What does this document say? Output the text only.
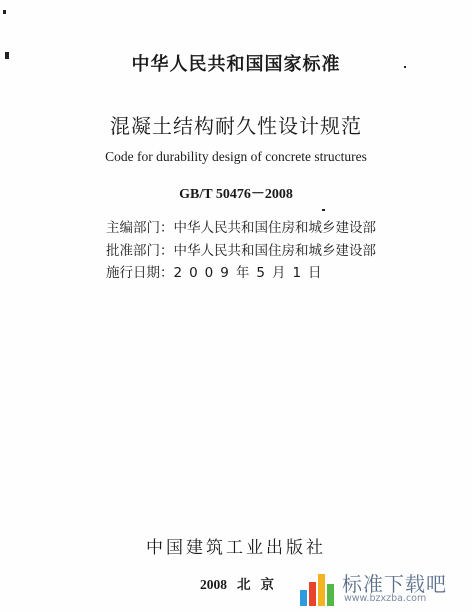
中华人民共和国国家标准
混凝土结构耐久性设计规范
Code for durability design of concrete structures
GB/T 50476－2008
主编部门：中华人民共和国住房和城乡建设部
批准部门：中华人民共和国住房和城乡建设部
施行日期：2009年5月1日
中国建筑工业出版社
2008 北 京	标准下载吧
www.bzxzba.com
